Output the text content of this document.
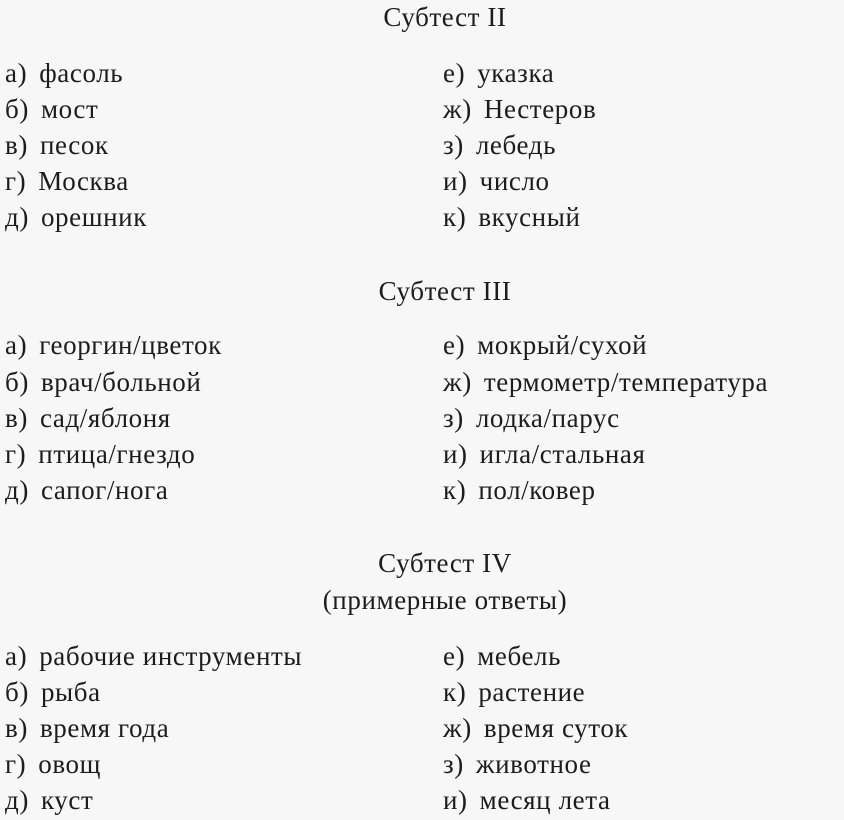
Субтест II
а) фасоль
б) мост
в) песок
г) Москва
д) орешник
е) указка
ж) Нестеров
з) лебедь
и) число
к) вкусный
Субтест III
а) георгин/цветок
б) врач/больной
в) сад/яблоня
г) птица/гнездо
д) сапог/нога
е) мокрый/сухой
ж) термометр/температура
з) лодка/парус
и) игла/стальная
к) пол/ковер
Субтест IV
(примерные ответы)
а) рабочие инструменты
б) рыба
в) время года
г) овощ
д) куст
е) мебель
к) растение
ж) время суток
з) животное
и) месяц лета
